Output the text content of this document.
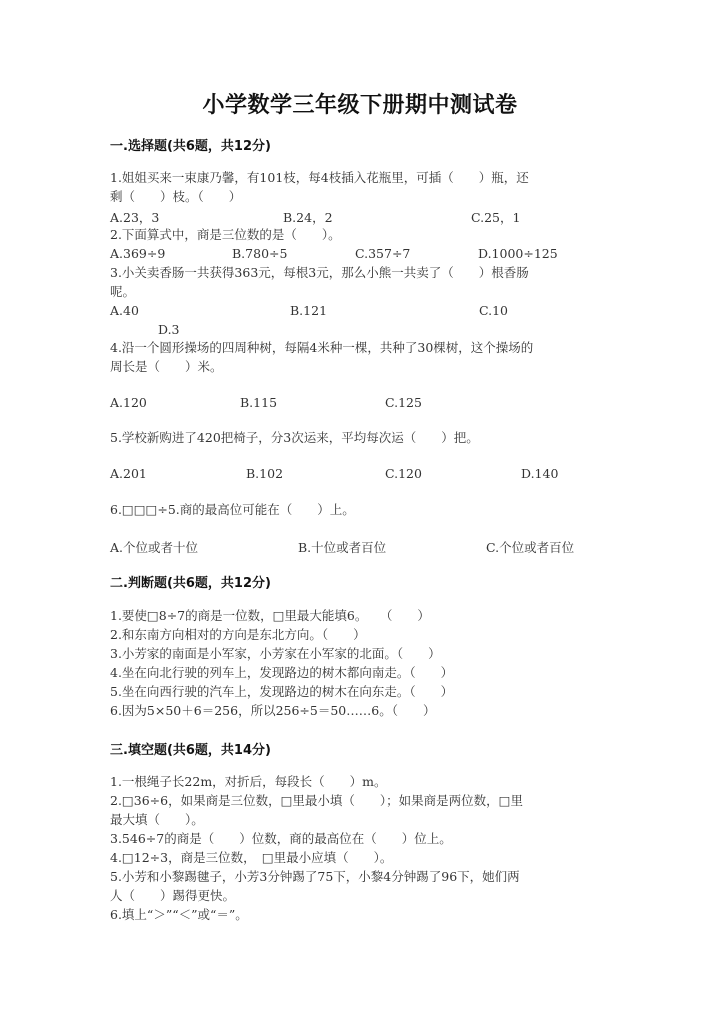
小学数学三年级下册期中测试卷
一.选择题(共6题，共12分)
1.姐姐买来一束康乃馨，有101枝，每4枝插入花瓶里，可插（　　）瓶，还
剩（　　）枝。（　　）
A.23，3	B.24，2	C.25，1
2.下面算式中，商是三位数的是（　　）。
A.369÷9	B.780÷5	C.357÷7	D.1000÷125
3.小关卖香肠一共获得363元，每根3元，那么小熊一共卖了（　　）根香肠
呢。
A.40	B.121	C.10
D.3
4.沿一个圆形操场的四周种树，每隔4米种一棵，共种了30棵树，这个操场的
周长是（　　）米。
A.120	B.115	C.125
5.学校新购进了420把椅子，分3次运来，平均每次运（　　）把。
A.201	B.102	C.120	D.140
6.□□□÷5.商的最高位可能在（　　）上。
A.个位或者十位	B.十位或者百位	C.个位或者百位
二.判断题(共6题，共12分)
1.要使□8÷7的商是一位数，□里最大能填6。　　（　　）
2.和东南方向相对的方向是东北方向。（　　）
3.小芳家的南面是小军家，小芳家在小军家的北面。（　　）
4.坐在向北行驶的列车上，发现路边的树木都向南走。（　　）
5.坐在向西行驶的汽车上，发现路边的树木在向东走。（　　）
6.因为5×50＋6＝256，所以256÷5＝50……6。（　　）
三.填空题(共6题，共14分)
1.一根绳子长22m，对折后，每段长（　　）m。
2.□36÷6，如果商是三位数，□里最小填（　　）；如果商是两位数，□里
最大填（　　）。
3.546÷7的商是（　　）位数，商的最高位在（　　）位上。
4.□12÷3，商是三位数，　□里最小应填（　　）。
5.小芳和小黎踢毽子，小芳3分钟踢了75下，小黎4分钟踢了96下，她们两
人（　　）踢得更快。
6.填上“＞”“＜”或“＝”。
